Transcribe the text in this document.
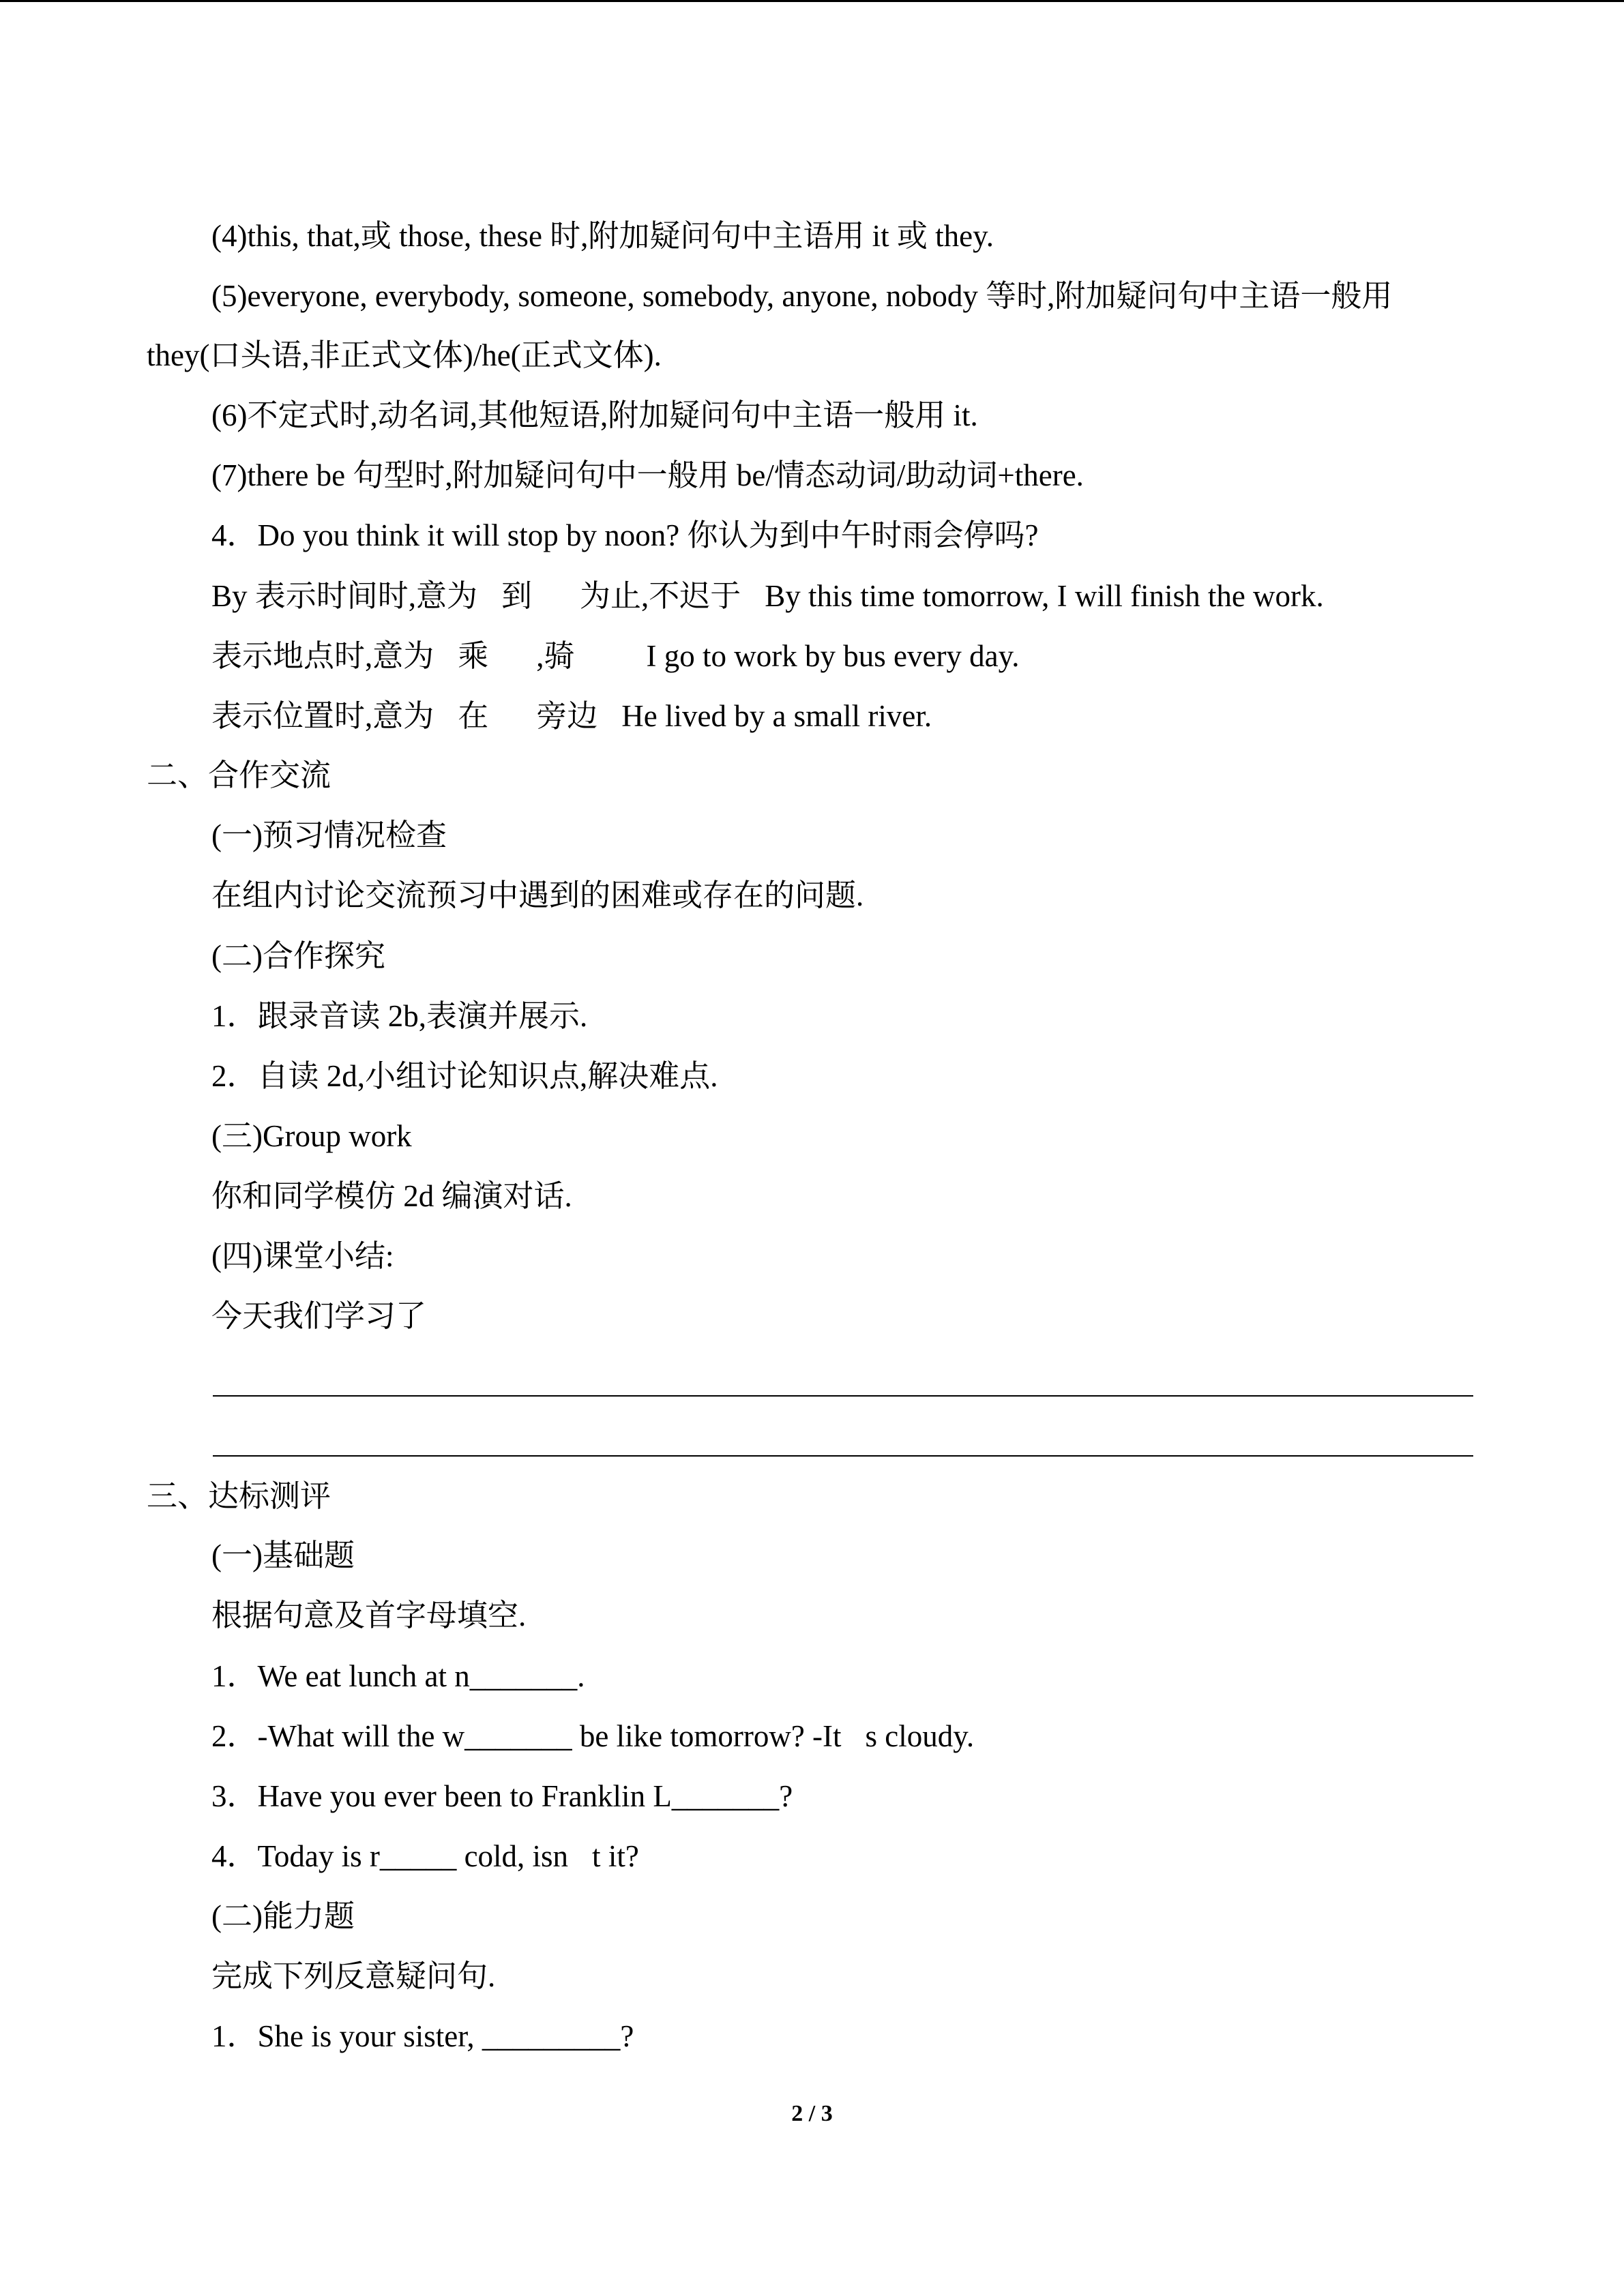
(4)this, that,或 those, these 时,附加疑问句中主语用 it 或 they.
(5)everyone, everybody, someone, somebody, anyone, nobody 等时,附加疑问句中主语一般用
they(口头语,非正式文体)/he(正式文体).
(6)不定式时,动名词,其他短语,附加疑问句中主语一般用 it.
(7)there be 句型时,附加疑问句中一般用 be/情态动词/助动词+there.
4．Do you think it will stop by noon? 你认为到中午时雨会停吗?
By 表示时间时,意为 到  为止,不迟于 By this time tomorrow, I will finish the work.
表示地点时,意为 乘  ,骑   I go to work by bus every day.
表示位置时,意为 在  旁边 He lived by a small river.
二、合作交流
(一)预习情况检查
在组内讨论交流预习中遇到的困难或存在的问题.
(二)合作探究
1．跟录音读 2b,表演并展示.
2．自读 2d,小组讨论知识点,解决难点.
(三)Group work
你和同学模仿 2d 编演对话.
(四)课堂小结:
今天我们学习了
三、达标测评
(一)基础题
根据句意及首字母填空.
1．We eat lunch at n_______.
2．-What will the w_______ be like tomorrow? -It s cloudy.
3．Have you ever been to Franklin L_______?
4．Today is r_____ cold, isn t it?
(二)能力题
完成下列反意疑问句.
1．She is your sister, _________?
2 / 3
